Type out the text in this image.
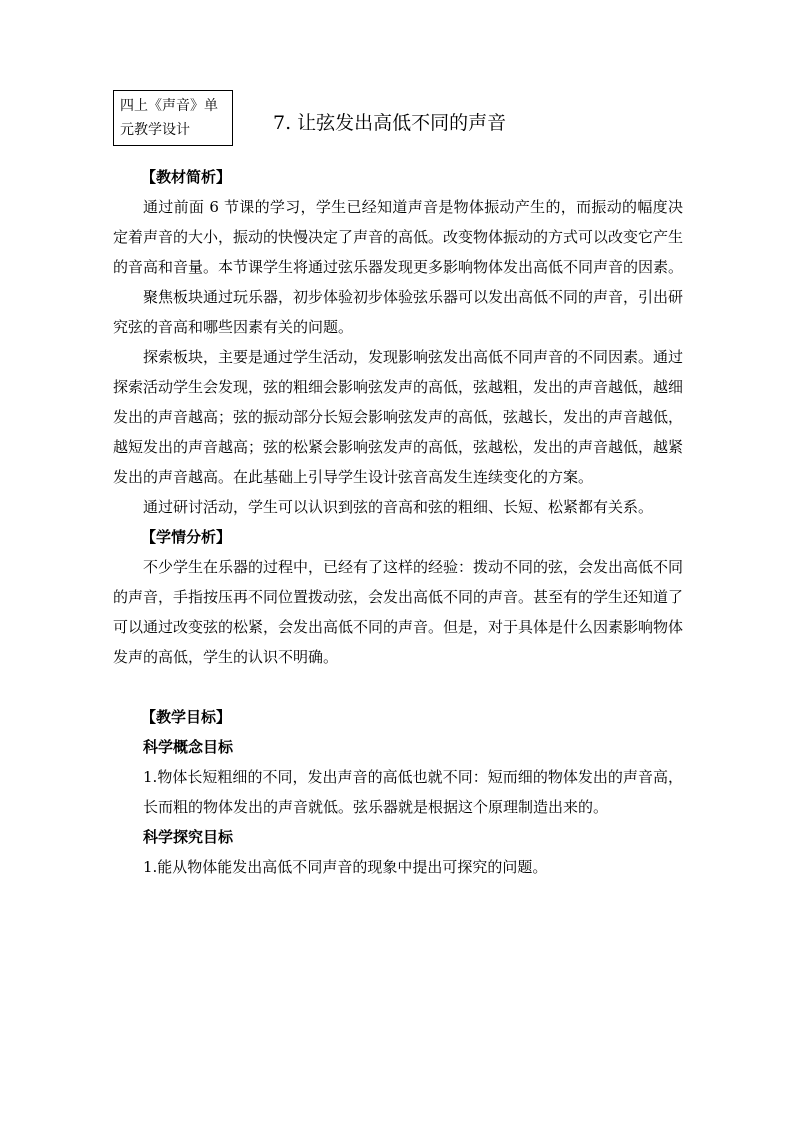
四上《声音》单元教学设计	7. 让弦发出高低不同的声音

【教材简析】

通过前面 6 节课的学习，学生已经知道声音是物体振动产生的，而振动的幅度决定着声音的大小，振动的快慢决定了声音的高低。改变物体振动的方式可以改变它产生的音高和音量。本节课学生将通过弦乐器发现更多影响物体发出高低不同声音的因素。

聚焦板块通过玩乐器，初步体验初步体验弦乐器可以发出高低不同的声音，引出研究弦的音高和哪些因素有关的问题。

探索板块，主要是通过学生活动，发现影响弦发出高低不同声音的不同因素。通过探索活动学生会发现，弦的粗细会影响弦发声的高低，弦越粗，发出的声音越低，越细发出的声音越高；弦的振动部分长短会影响弦发声的高低，弦越长，发出的声音越低，越短发出的声音越高；弦的松紧会影响弦发声的高低，弦越松，发出的声音越低，越紧发出的声音越高。在此基础上引导学生设计弦音高发生连续变化的方案。

通过研讨活动，学生可以认识到弦的音高和弦的粗细、长短、松紧都有关系。

【学情分析】

不少学生在乐器的过程中，已经有了这样的经验：拨动不同的弦，会发出高低不同的声音，手指按压再不同位置拨动弦，会发出高低不同的声音。甚至有的学生还知道了可以通过改变弦的松紧，会发出高低不同的声音。但是，对于具体是什么因素影响物体发声的高低，学生的认识不明确。

【教学目标】

科学概念目标

1.物体长短粗细的不同，发出声音的高低也就不同：短而细的物体发出的声音高，长而粗的物体发出的声音就低。弦乐器就是根据这个原理制造出来的。

科学探究目标

1.能从物体能发出高低不同声音的现象中提出可探究的问题。
